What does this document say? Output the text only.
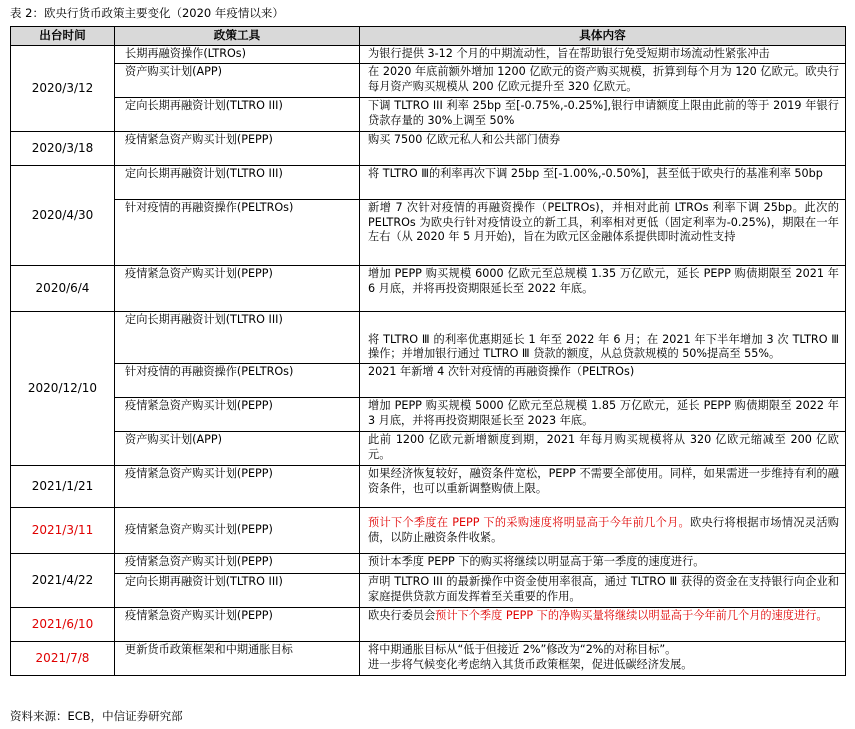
表 2：欧央行货币政策主要变化（2020 年疫情以来）
出台时间	政策工具	具体内容
2020/3/12	长期再融资操作(LTROs)	为银行提供 3-12 个月的中期流动性，旨在帮助银行免受短期市场流动性紧张冲击
	资产购买计划(APP)	在 2020 年底前额外增加 1200 亿欧元的资产购买规模，折算到每个月为 120 亿欧元。欧央行每月资产购买规模从 200 亿欧元提升至 320 亿欧元。
	定向长期再融资计划(TLTRO III)	下调 TLTRO III 利率 25bp 至[-0.75%,-0.25%],银行申请额度上限由此前的等于 2019 年银行贷款存量的 30%上调至 50%
2020/3/18	疫情紧急资产购买计划(PEPP)	购买 7500 亿欧元私人和公共部门债券
2020/4/30	定向长期再融资计划(TLTRO III)	将 TLTRO Ⅲ的利率再次下调 25bp 至[-1.00%,-0.50%]，甚至低于欧央行的基准利率 50bp
	针对疫情的再融资操作(PELTROs)	新增 7 次针对疫情的再融资操作（PELTROs)，并相对此前 LTROs 利率下调 25bp。此次的 PELTROs 为欧央行针对疫情设立的新工具，利率相对更低（固定利率为-0.25%)，期限在一年左右（从 2020 年 5 月开始)，旨在为欧元区金融体系提供即时流动性支持
2020/6/4	疫情紧急资产购买计划(PEPP)	增加 PEPP 购买规模 6000 亿欧元至总规模 1.35 万亿欧元，延长 PEPP 购债期限至 2021 年 6 月底，并将再投资期限延长至 2022 年底。
2020/12/10	定向长期再融资计划(TLTRO III)	将 TLTRO Ⅲ 的利率优惠期延长 1 年至 2022 年 6 月；在 2021 年下半年增加 3 次 TLTRO Ⅲ 操作；并增加银行通过 TLTRO Ⅲ 贷款的额度，从总贷款规模的 50%提高至 55%。
	针对疫情的再融资操作(PELTROs)	2021 年新增 4 次针对疫情的再融资操作（PELTROs)
	疫情紧急资产购买计划(PEPP)	增加 PEPP 购买规模 5000 亿欧元至总规模 1.85 万亿欧元，延长 PEPP 购债期限至 2022 年 3 月底，并将再投资期限延长至 2023 年底。
	资产购买计划(APP)	此前 1200 亿欧元新增额度到期，2021 年每月购买规模将从 320 亿欧元缩减至 200 亿欧元。
2021/1/21	疫情紧急资产购买计划(PEPP)	如果经济恢复较好，融资条件宽松，PEPP 不需要全部使用。同样，如果需进一步维持有利的融资条件，也可以重新调整购债上限。
2021/3/11	疫情紧急资产购买计划(PEPP)	预计下个季度在 PEPP 下的采购速度将明显高于今年前几个月。欧央行将根据市场情况灵活购债，以防止融资条件收紧。
2021/4/22	疫情紧急资产购买计划(PEPP)	预计本季度 PEPP 下的购买将继续以明显高于第一季度的速度进行。
	定向长期再融资计划(TLTRO III)	声明 TLTRO III 的最新操作中资金使用率很高，通过 TLTRO Ⅲ 获得的资金在支持银行向企业和家庭提供贷款方面发挥着至关重要的作用。
2021/6/10	疫情紧急资产购买计划(PEPP)	欧央行委员会预计下个季度 PEPP 下的净购买量将继续以明显高于今年前几个月的速度进行。
2021/7/8	更新货币政策框架和中期通胀目标	将中期通胀目标从“低于但接近 2%”修改为“2%的对称目标”。
进一步将气候变化考虑纳入其货币政策框架，促进低碳经济发展。
资料来源：ECB，中信证券研究部
